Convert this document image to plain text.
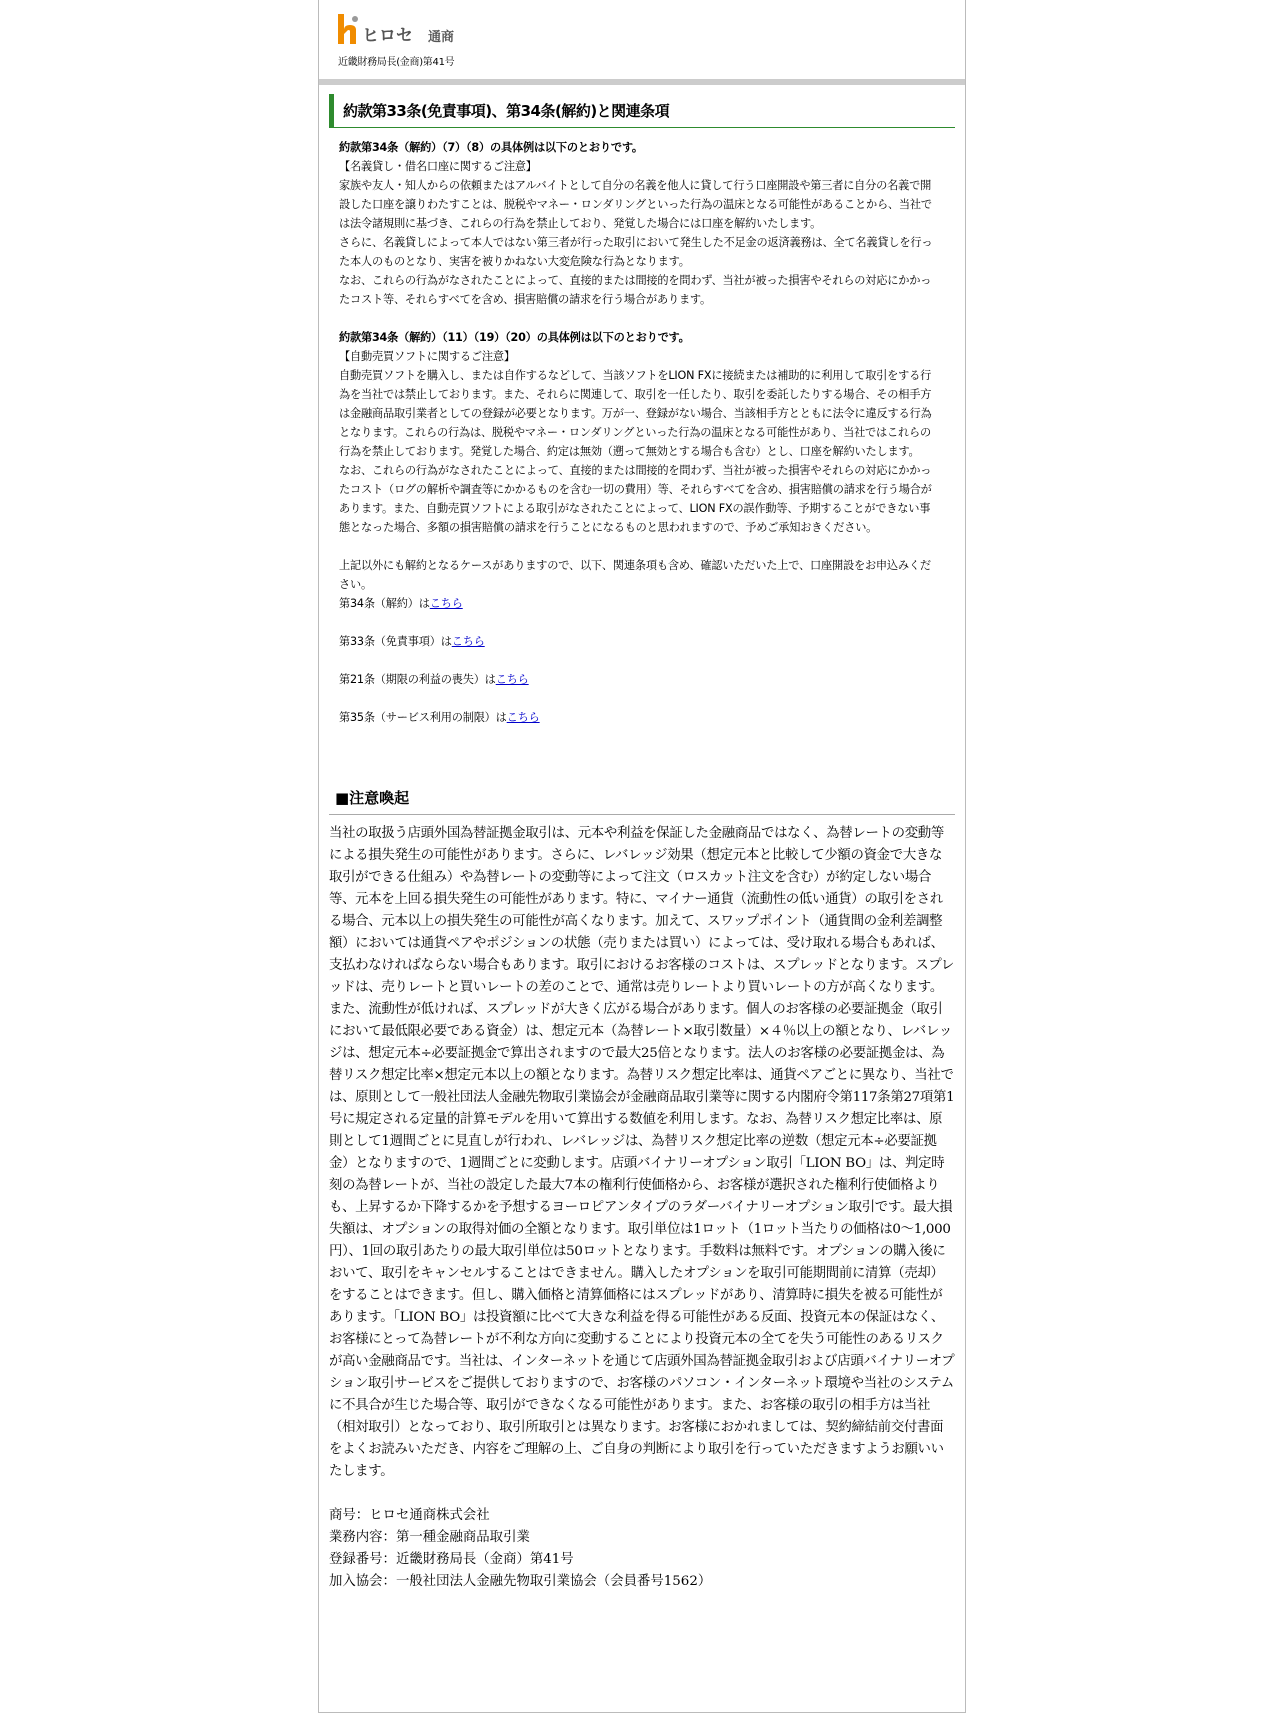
ヒロセ 通商
近畿財務局長(金商)第41号
約款第33条(免責事項)、第34条(解約)と関連条項

約款第34条（解約）（7）（8）の具体例は以下のとおりです。

【名義貸し・借名口座に関するご注意】

家族や友人・知人からの依頼またはアルバイトとして自分の名義を他人に貸して行う口座開設や第三者に自分の名義で開設した口座を譲りわたすことは、脱税やマネー・ロンダリングといった行為の温床となる可能性があることから、当社では法令諸規則に基づき、これらの行為を禁止しており、発覚した場合には口座を解約いたします。

さらに、名義貸しによって本人ではない第三者が行った取引において発生した不足金の返済義務は、全て名義貸しを行った本人のものとなり、実害を被りかねない大変危険な行為となります。

なお、これらの行為がなされたことによって、直接的または間接的を問わず、当社が被った損害やそれらの対応にかかったコスト等、それらすべてを含め、損害賠償の請求を行う場合があります。

約款第34条（解約）（11）（19）（20）の具体例は以下のとおりです。

【自動売買ソフトに関するご注意】

自動売買ソフトを購入し、または自作するなどして、当該ソフトをLION FXに接続または補助的に利用して取引をする行為を当社では禁止しております。また、それらに関連して、取引を一任したり、取引を委託したりする場合、その相手方は金融商品取引業者としての登録が必要となります。万が一、登録がない場合、当該相手方とともに法令に違反する行為となります。これらの行為は、脱税やマネー・ロンダリングといった行為の温床となる可能性があり、当社ではこれらの行為を禁止しております。発覚した場合、約定は無効（遡って無効とする場合も含む）とし、口座を解約いたします。

なお、これらの行為がなされたことによって、直接的または間接的を問わず、当社が被った損害やそれらの対応にかかったコスト（ログの解析や調査等にかかるものを含む一切の費用）等、それらすべてを含め、損害賠償の請求を行う場合があります。また、自動売買ソフトによる取引がなされたことによって、LION FXの誤作動等、予期することができない事態となった場合、多額の損害賠償の請求を行うことになるものと思われますので、予めご承知おきください。

上記以外にも解約となるケースがありますので、以下、関連条項も含め、確認いただいた上で、口座開設をお申込みください。

第34条（解約）はこちら

第33条（免責事項）はこちら

第21条（期限の利益の喪失）はこちら

第35条（サービス利用の制限）はこちら

■注意喚起
当社の取扱う店頭外国為替証拠金取引は、元本や利益を保証した金融商品ではなく、為替レートの変動等による損失発生の可能性があります。さらに、レバレッジ効果（想定元本と比較して少額の資金で大きな取引ができる仕組み）や為替レートの変動等によって注文（ロスカット注文を含む）が約定しない場合等、元本を上回る損失発生の可能性があります。特に、マイナー通貨（流動性の低い通貨）の取引をされる場合、元本以上の損失発生の可能性が高くなります。加えて、スワップポイント（通貨間の金利差調整額）においては通貨ペアやポジションの状態（売りまたは買い）によっては、受け取れる場合もあれば、支払わなければならない場合もあります。取引におけるお客様のコストは、スプレッドとなります。スプレッドは、売りレートと買いレートの差のことで、通常は売りレートより買いレートの方が高くなります。また、流動性が低ければ、スプレッドが大きく広がる場合があります。個人のお客様の必要証拠金（取引において最低限必要である資金）は、想定元本（為替レート×取引数量）×４％以上の額となり、レバレッジは、想定元本÷必要証拠金で算出されますので最大25倍となります。法人のお客様の必要証拠金は、為替リスク想定比率×想定元本以上の額となります。為替リスク想定比率は、通貨ペアごとに異なり、当社では、原則として一般社団法人金融先物取引業協会が金融商品取引業等に関する内閣府令第117条第27項第1号に規定される定量的計算モデルを用いて算出する数値を利用します。なお、為替リスク想定比率は、原則として1週間ごとに見直しが行われ、レバレッジは、為替リスク想定比率の逆数（想定元本÷必要証拠金）となりますので、1週間ごとに変動します。店頭バイナリーオプション取引「LION BO」は、判定時刻の為替レートが、当社の設定した最大7本の権利行使価格から、お客様が選択された権利行使価格よりも、上昇するか下降するかを予想するヨーロピアンタイプのラダーバイナリーオプション取引です。最大損失額は、オプションの取得対価の全額となります。取引単位は1ロット（1ロット当たりの価格は0～1,000円）、1回の取引あたりの最大取引単位は50ロットとなります。手数料は無料です。オプションの購入後において、取引をキャンセルすることはできません。購入したオプションを取引可能期間前に清算（売却）をすることはできます。但し、購入価格と清算価格にはスプレッドがあり、清算時に損失を被る可能性があります。「LION BO」は投資額に比べて大きな利益を得る可能性がある反面、投資元本の保証はなく、お客様にとって為替レートが不利な方向に変動することにより投資元本の全てを失う可能性のあるリスクが高い金融商品です。当社は、インターネットを通じて店頭外国為替証拠金取引および店頭バイナリーオプション取引サービスをご提供しておりますので、お客様のパソコン・インターネット環境や当社のシステムに不具合が生じた場合等、取引ができなくなる可能性があります。また、お客様の取引の相手方は当社（相対取引）となっており、取引所取引とは異なります。お客様におかれましては、契約締結前交付書面をよくお読みいただき、内容をご理解の上、ご自身の判断により取引を行っていただきますようお願いいたします。

商号：ヒロセ通商株式会社

業務内容：第一種金融商品取引業

登録番号：近畿財務局長（金商）第41号

加入協会：一般社団法人金融先物取引業協会（会員番号1562）
